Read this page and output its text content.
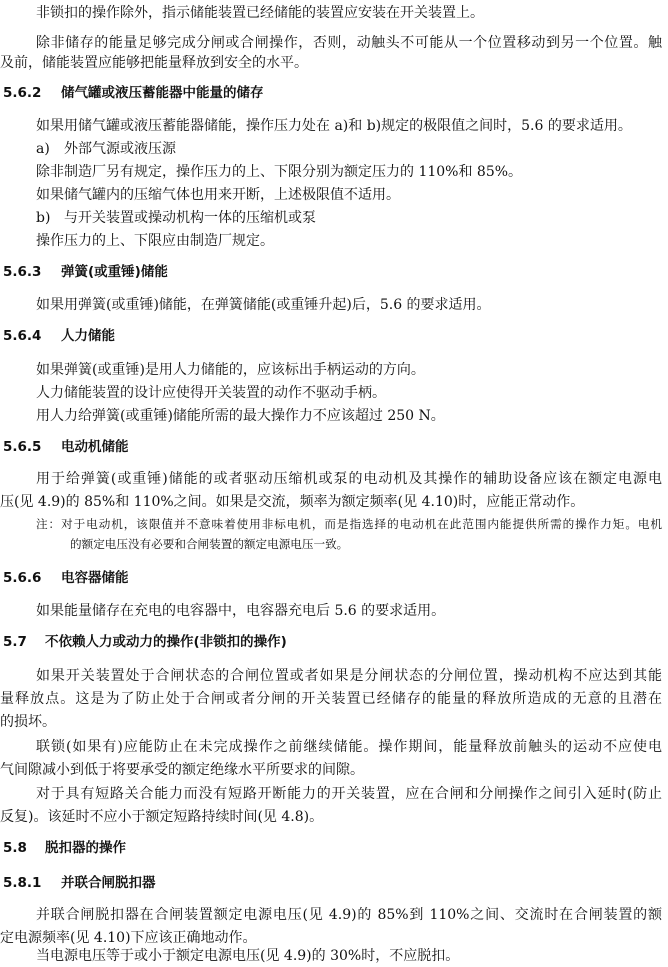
非锁扣的操作除外，指示储能装置已经储能的装置应安装在开关装置上。
除非储存的能量足够完成分闸或合闸操作，否则，动触头不可能从一个位置移动到另一个位置。触
及前，储能装置应能够把能量释放到安全的水平。
5.6.2 储气罐或液压蓄能器中能量的储存
如果用储气罐或液压蓄能器储能，操作压力处在 a)和 b)规定的极限值之间时，5.6 的要求适用。
a) 外部气源或液压源
除非制造厂另有规定，操作压力的上、下限分别为额定压力的 110%和 85%。
如果储气罐内的压缩气体也用来开断，上述极限值不适用。
b) 与开关装置或操动机构一体的压缩机或泵
操作压力的上、下限应由制造厂规定。
5.6.3 弹簧(或重锤)储能
如果用弹簧(或重锤)储能，在弹簧储能(或重锤升起)后，5.6 的要求适用。
5.6.4 人力储能
如果弹簧(或重锤)是用人力储能的，应该标出手柄运动的方向。
人力储能装置的设计应使得开关装置的动作不驱动手柄。
用人力给弹簧(或重锤)储能所需的最大操作力不应该超过 250 N。
5.6.5 电动机储能
用于给弹簧(或重锤)储能的或者驱动压缩机或泵的电动机及其操作的辅助设备应该在额定电源电
压(见 4.9)的 85%和 110%之间。如果是交流，频率为额定频率(见 4.10)时，应能正常动作。
注：对于电动机，该限值并不意味着使用非标电机，而是指选择的电动机在此范围内能提供所需的操作力矩。电机
的额定电压没有必要和合闸装置的额定电源电压一致。
5.6.6 电容器储能
如果能量储存在充电的电容器中，电容器充电后 5.6 的要求适用。
5.7 不依赖人力或动力的操作(非锁扣的操作)
如果开关装置处于合闸状态的合闸位置或者如果是分闸状态的分闸位置，操动机构不应达到其能
量释放点。这是为了防止处于合闸或者分闸的开关装置已经储存的能量的释放所造成的无意的且潜在
的损坏。
联锁(如果有)应能防止在未完成操作之前继续储能。操作期间，能量释放前触头的运动不应使电
气间隙减小到低于将要承受的额定绝缘水平所要求的间隙。
对于具有短路关合能力而没有短路开断能力的开关装置，应在合闸和分闸操作之间引入延时(防止
反复)。该延时不应小于额定短路持续时间(见 4.8)。
5.8 脱扣器的操作
5.8.1 并联合闸脱扣器
并联合闸脱扣器在合闸装置额定电源电压(见 4.9)的 85%到 110%之间、交流时在合闸装置的额
定电源频率(见 4.10)下应该正确地动作。
当电源电压等于或小于额定电源电压(见 4.9)的 30%时，不应脱扣。
